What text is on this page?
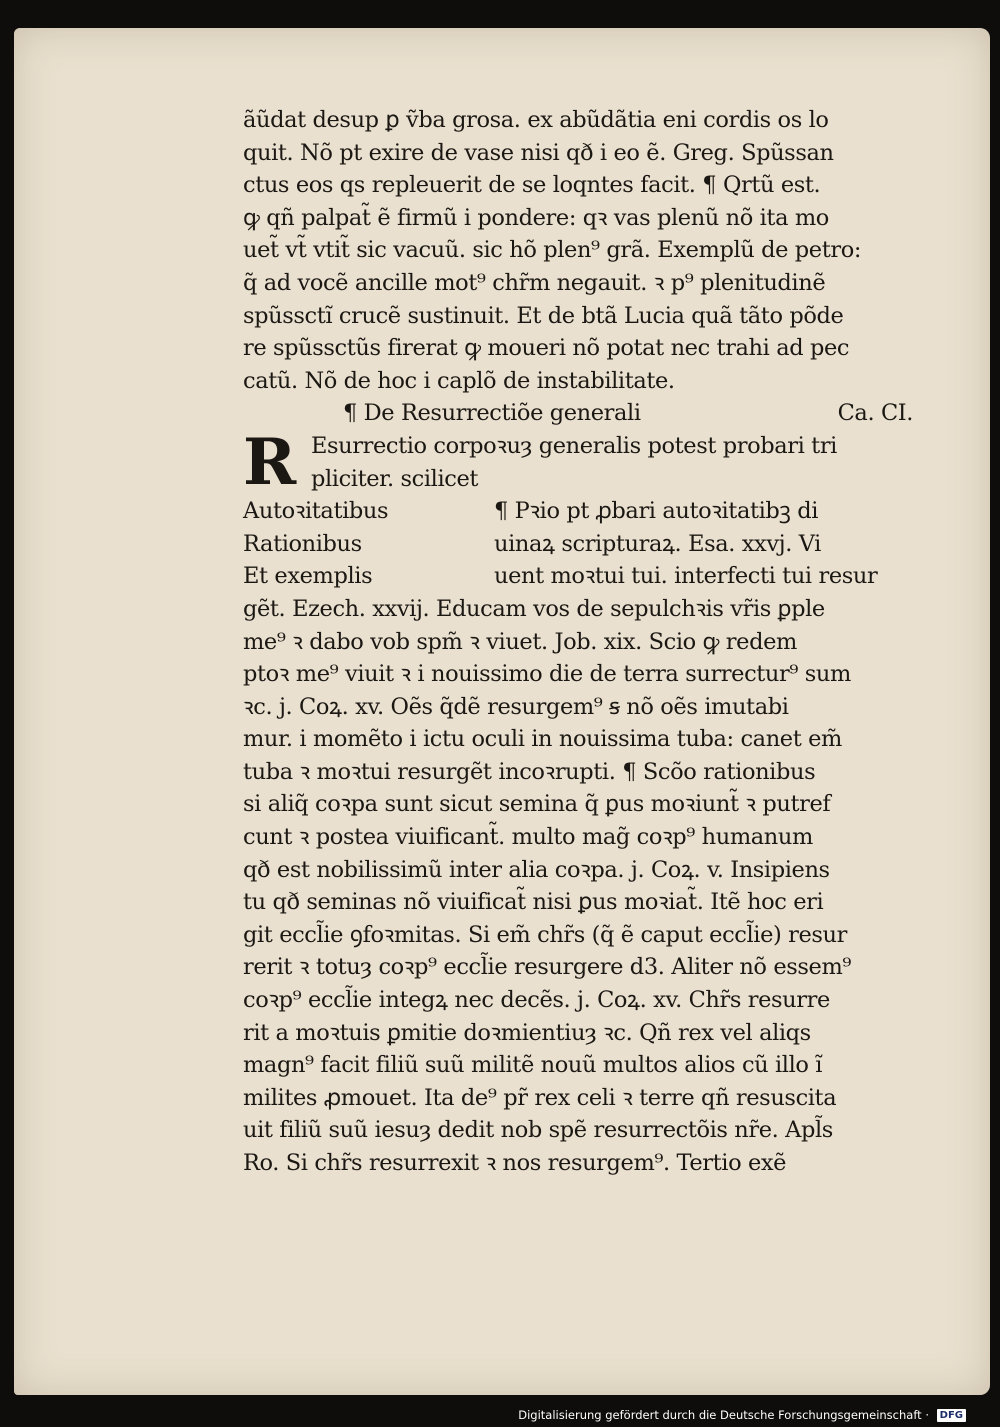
ãũdat desup ꝑ ṽba grosa. ex abũdãtia eni cordis os lo
quit. Nõ pt exire de vase nisi qð i eo ẽ. Greg. Spũssan
ctus eos qs repleuerit de se loqntes facit. ¶ Qrtũ est.
ꝙ qñ palpat̃ ẽ firmũ i pondere: qꝛ vas plenũ nõ ita mo
uet̃ vt̃ vtit̃ sic vacuũ. sic hõ plen⁹ grã. Exemplũ de petro:
q̃ ad vocẽ ancille mot⁹ chr̃m negauit. ꝛ p⁹ plenitudinẽ
spũssctĩ crucẽ sustinuit. Et de btã Lucia quã tãto põde
re spũssctũs firerat ꝙ moueri nõ potat nec trahi ad pec
catũ. Nõ de hoc i caplõ de instabilitate.
¶ De Resurrectiõe generali	Ca. CI.
R Esurrectio corpoꝛuȝ generalis potest probari tri
pliciter. scilicet
Autoꝛitatibus	¶ Pꝛio pt ꝓbari autoꝛitatibꝫ di
Rationibus	uinaꝝ scripturaꝝ. Esa. xxvj. Vi
Et exemplis	uent moꝛtui tui. interfecti tui resur
gẽt. Ezech. xxvij. Educam vos de sepulchꝛis vr̃is ꝑple
me⁹ ꝛ dabo vob spm̃ ꝛ viuet. Job. xix. Scio ꝙ redem
ptoꝛ me⁹ viuit ꝛ i nouissimo die de terra surrectur⁹ sum
ꝛc. j. Coꝝ. xv. Oẽs q̃dẽ resurgem⁹ ꞩ nõ oẽs imutabi
mur. i momẽto i ictu oculi in nouissima tuba: canet em̃
tuba ꝛ moꝛtui resurgẽt incoꝛrupti. ¶ Scõo rationibus
si aliq̃ coꝛpa sunt sicut semina q̃ ꝑus moꝛiunt̃ ꝛ putref
cunt ꝛ postea viuificant̃. multo mag̃ coꝛp⁹ humanum
qð est nobilissimũ inter alia coꝛpa. j. Coꝝ. v. Insipiens
tu qð seminas nõ viuificat̃ nisi ꝑus moꝛiat̃. Itẽ hoc eri
git eccl̃ie ꝯfoꝛmitas. Si em̃ chr̃s (q̃ ẽ caput eccl̃ie) resur
rerit ꝛ totuȝ coꝛp⁹ eccl̃ie resurgere d3. Aliter nõ essem⁹
coꝛp⁹ eccl̃ie integꝝ nec decẽs. j. Coꝝ. xv. Chr̃s resurre
rit a moꝛtuis ꝑmitie doꝛmientiuȝ ꝛc. Qñ rex vel aliqs
magn⁹ facit filiũ suũ militẽ nouũ multos alios cũ illo ĩ
milites ꝓmouet. Ita de⁹ pr̃ rex celi ꝛ terre qñ resuscita
uit filiũ suũ iesuȝ dedit nob spẽ resurrectõis nr̃e. Apl̃s
Ro. Si chr̃s resurrexit ꝛ nos resurgem⁹. Tertio exẽ
Digitalisierung gefördert durch die Deutsche Forschungsgemeinschaft · DFG
